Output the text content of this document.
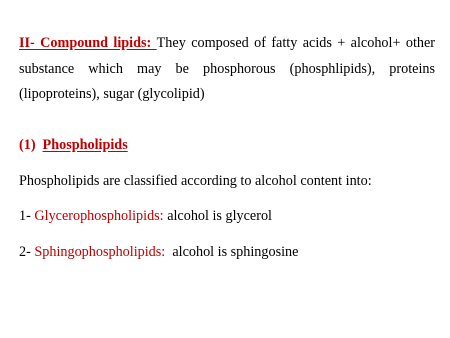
II- Compound lipids: They composed of fatty acids + alcohol+ other substance which may be phosphorous (phosphlipids), proteins (lipoproteins), sugar (glycolipid)

(1) Phospholipids

Phospholipids are classified according to alcohol content into:

1- Glycerophospholipids: alcohol is glycerol

2- Sphingophospholipids:  alcohol is sphingosine
